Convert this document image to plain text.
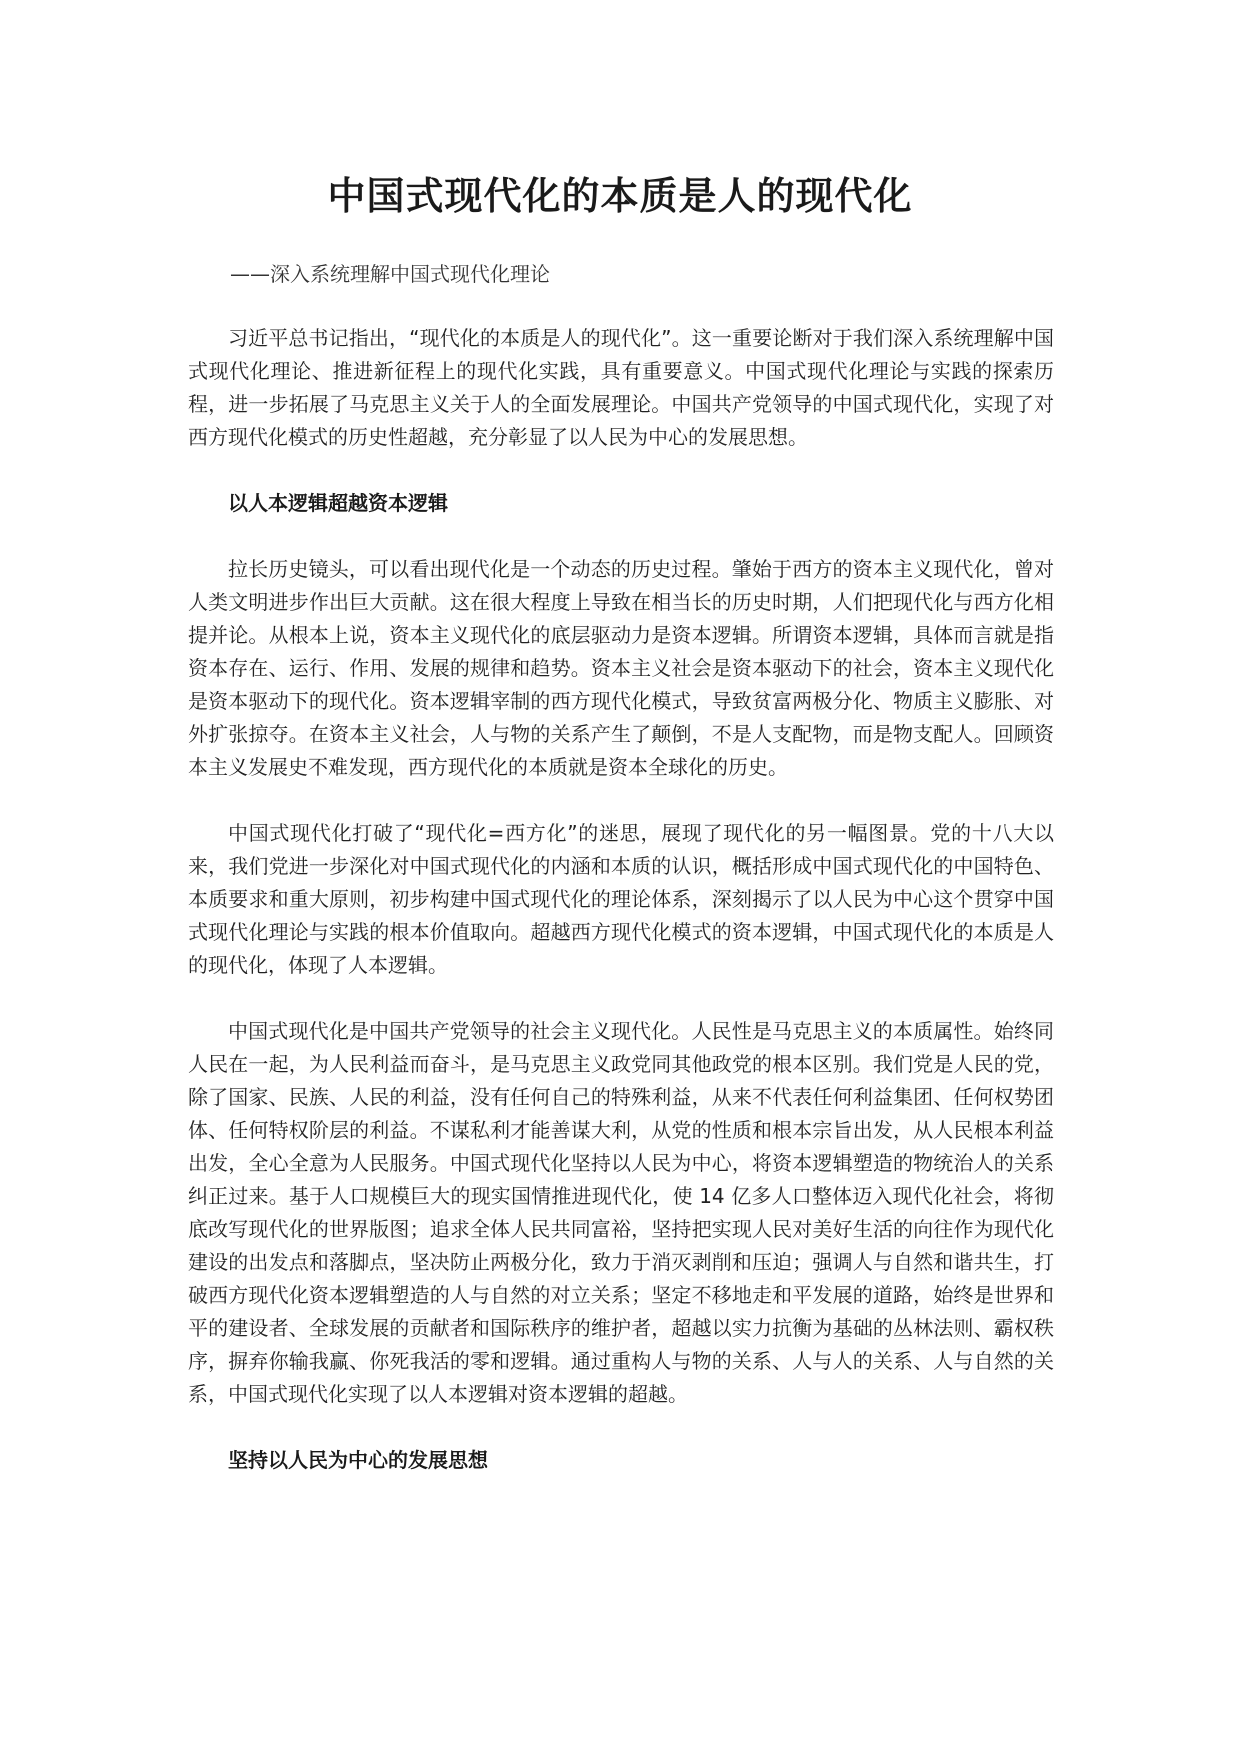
中国式现代化的本质是人的现代化
——深入系统理解中国式现代化理论

习近平总书记指出，“现代化的本质是人的现代化”。这一重要论断对于我们深入系统理解中国式现代化理论、推进新征程上的现代化实践，具有重要意义。中国式现代化理论与实践的探索历程，进一步拓展了马克思主义关于人的全面发展理论。中国共产党领导的中国式现代化，实现了对西方现代化模式的历史性超越，充分彰显了以人民为中心的发展思想。

以人本逻辑超越资本逻辑

拉长历史镜头，可以看出现代化是一个动态的历史过程。肇始于西方的资本主义现代化，曾对人类文明进步作出巨大贡献。这在很大程度上导致在相当长的历史时期，人们把现代化与西方化相提并论。从根本上说，资本主义现代化的底层驱动力是资本逻辑。所谓资本逻辑，具体而言就是指资本存在、运行、作用、发展的规律和趋势。资本主义社会是资本驱动下的社会，资本主义现代化是资本驱动下的现代化。资本逻辑宰制的西方现代化模式，导致贫富两极分化、物质主义膨胀、对外扩张掠夺。在资本主义社会，人与物的关系产生了颠倒，不是人支配物，而是物支配人。回顾资本主义发展史不难发现，西方现代化的本质就是资本全球化的历史。

中国式现代化打破了“现代化=西方化”的迷思，展现了现代化的另一幅图景。党的十八大以来，我们党进一步深化对中国式现代化的内涵和本质的认识，概括形成中国式现代化的中国特色、本质要求和重大原则，初步构建中国式现代化的理论体系，深刻揭示了以人民为中心这个贯穿中国式现代化理论与实践的根本价值取向。超越西方现代化模式的资本逻辑，中国式现代化的本质是人的现代化，体现了人本逻辑。

中国式现代化是中国共产党领导的社会主义现代化。人民性是马克思主义的本质属性。始终同人民在一起，为人民利益而奋斗，是马克思主义政党同其他政党的根本区别。我们党是人民的党，除了国家、民族、人民的利益，没有任何自己的特殊利益，从来不代表任何利益集团、任何权势团体、任何特权阶层的利益。不谋私利才能善谋大利，从党的性质和根本宗旨出发，从人民根本利益出发，全心全意为人民服务。中国式现代化坚持以人民为中心，将资本逻辑塑造的物统治人的关系纠正过来。基于人口规模巨大的现实国情推进现代化，使 14 亿多人口整体迈入现代化社会，将彻底改写现代化的世界版图；追求全体人民共同富裕，坚持把实现人民对美好生活的向往作为现代化建设的出发点和落脚点，坚决防止两极分化，致力于消灭剥削和压迫；强调人与自然和谐共生，打破西方现代化资本逻辑塑造的人与自然的对立关系；坚定不移地走和平发展的道路，始终是世界和平的建设者、全球发展的贡献者和国际秩序的维护者，超越以实力抗衡为基础的丛林法则、霸权秩序，摒弃你输我赢、你死我活的零和逻辑。通过重构人与物的关系、人与人的关系、人与自然的关系，中国式现代化实现了以人本逻辑对资本逻辑的超越。

坚持以人民为中心的发展思想
